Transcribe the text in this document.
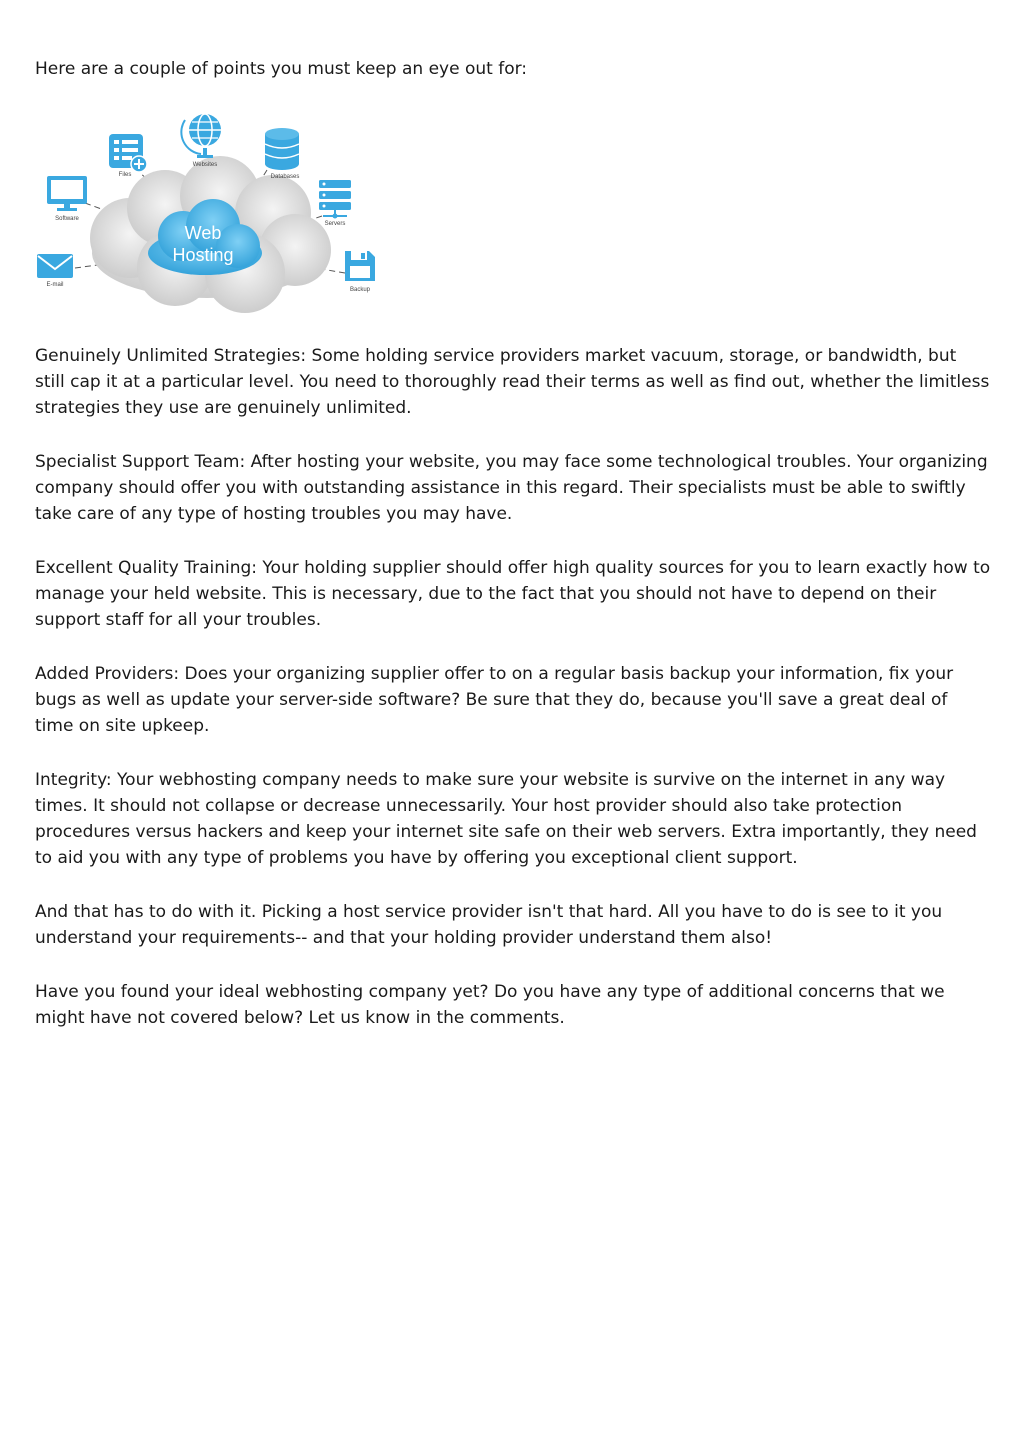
Here are a couple of points you must keep an eye out for:

Web
Hosting
Files
Websites
Databases
Software
Servers
E-mail
Backup

Genuinely Unlimited Strategies: Some holding service providers market vacuum, storage, or bandwidth, but still cap it at a particular level. You need to thoroughly read their terms as well as find out, whether the limitless strategies they use are genuinely unlimited.

Specialist Support Team: After hosting your website, you may face some technological troubles. Your organizing company should offer you with outstanding assistance in this regard. Their specialists must be able to swiftly take care of any type of hosting troubles you may have.

Excellent Quality Training: Your holding supplier should offer high quality sources for you to learn exactly how to manage your held website. This is necessary, due to the fact that you should not have to depend on their support staff for all your troubles.

Added Providers: Does your organizing supplier offer to on a regular basis backup your information, fix your bugs as well as update your server-side software? Be sure that they do, because you'll save a great deal of time on site upkeep.

Integrity: Your webhosting company needs to make sure your website is survive on the internet in any way times. It should not collapse or decrease unnecessarily. Your host provider should also take protection procedures versus hackers and keep your internet site safe on their web servers. Extra importantly, they need to aid you with any type of problems you have by offering you exceptional client support.

And that has to do with it. Picking a host service provider isn't that hard. All you have to do is see to it you understand your requirements-- and that your holding provider understand them also!

Have you found your ideal webhosting company yet? Do you have any type of additional concerns that we might have not covered below? Let us know in the comments.
